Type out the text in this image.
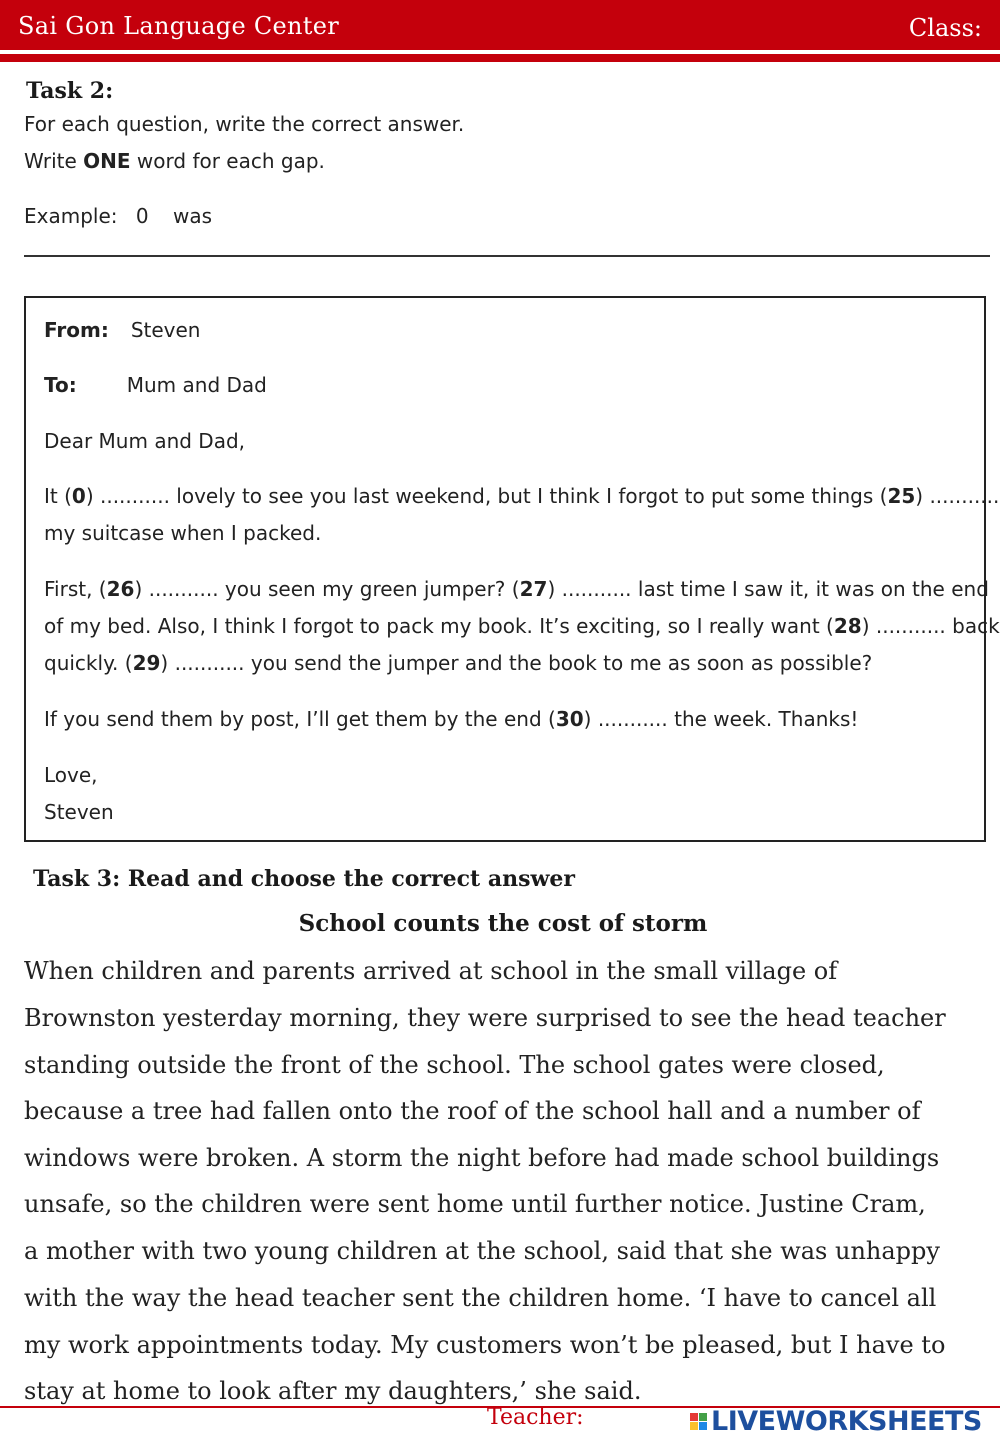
Sai Gon Language Center	Class:
Task 2:
For each question, write the correct answer.
Write ONE word for each gap.
Example: 0 was
From: Steven
To:	Mum and Dad
Dear Mum and Dad,
It (0) ........... lovely to see you last weekend, but I think I forgot to put some things (25) ...........
my suitcase when I packed.
First, (26) ........... you seen my green jumper? (27) ........... last time I saw it, it was on the end
of my bed. Also, I think I forgot to pack my book. It’s exciting, so I really want (28) ........... back
quickly. (29) ........... you send the jumper and the book to me as soon as possible?
If you send them by post, I’ll get them by the end (30) ........... the week. Thanks!
Love,
Steven
Task 3: Read and choose the correct answer
School counts the cost of storm
When children and parents arrived at school in the small village of
Brownston yesterday morning, they were surprised to see the head teacher
standing outside the front of the school. The school gates were closed,
because a tree had fallen onto the roof of the school hall and a number of
windows were broken. A storm the night before had made school buildings
unsafe, so the children were sent home until further notice. Justine Cram,
a mother with two young children at the school, said that she was unhappy
with the way the head teacher sent the children home. ‘I have to cancel all
my work appointments today. My customers won’t be pleased, but I have to
stay at home to look after my daughters,’ she said.
Teacher:	LIVEWORKSHEETS
